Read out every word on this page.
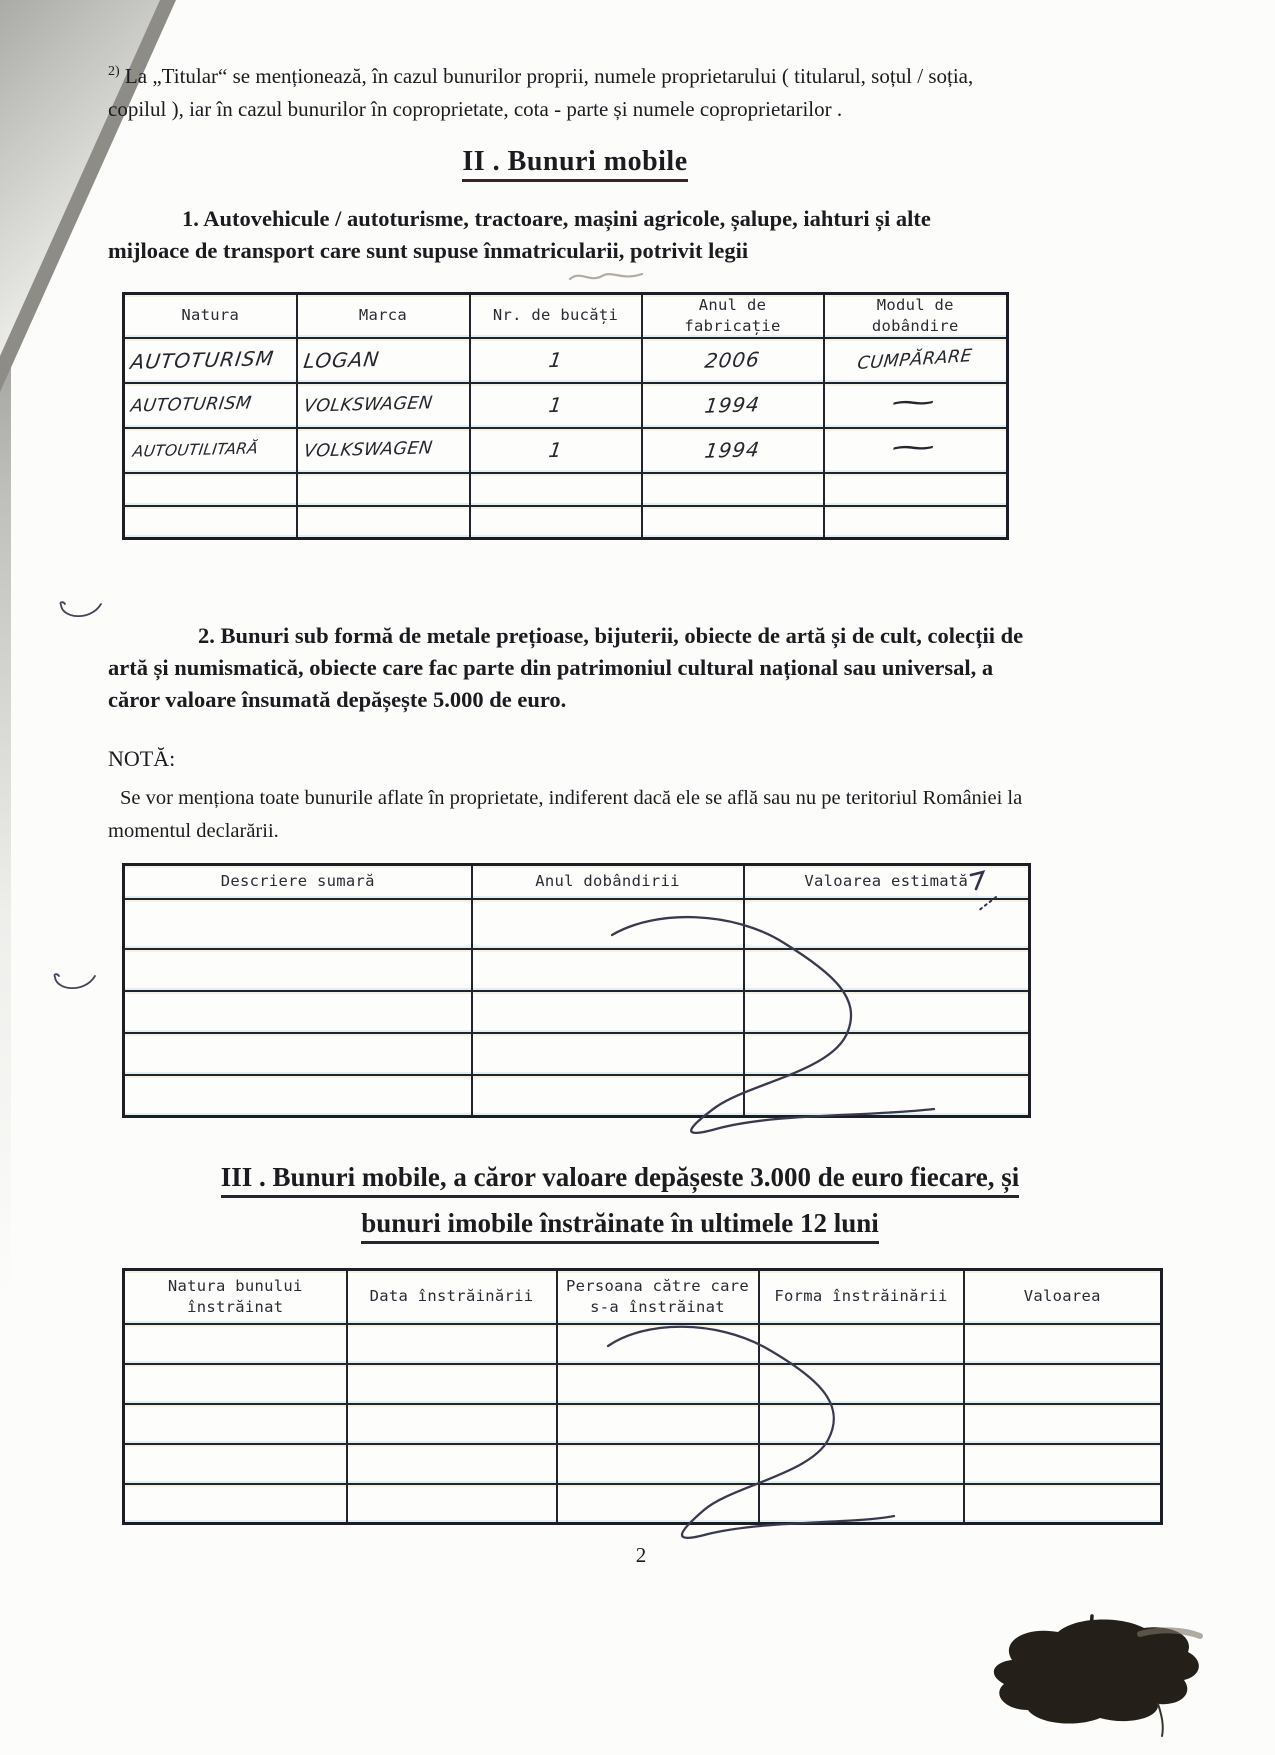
$^{2)}$ La „Titular“ se menționează, în cazul bunurilor proprii, numele proprietarului ( titularul, soțul / soția, copilul ), iar în cazul bunurilor în coproprietate, cota - parte și numele coproprietarilor .
II . Bunuri mobile
1. Autovehicule / autoturisme, tractoare, mașini agricole, șalupe, iahturi și alte mijloace de transport care sunt supuse înmatricularii, potrivit legii
Natura	Marca	Nr. de bucăți	Anul de fabricație	Modul de dobândire
AUTOTURISM	LOGAN	1	2006	CUMPĂRARE
AUTOTURISM	VOLKSWAGEN	1	1994	~
AUTOUTILITARĂ	VOLKSWAGEN	1	1994	~

2. Bunuri sub formă de metale prețioase, bijuterii, obiecte de artă și de cult, colecții de artă și numismatică, obiecte care fac parte din patrimoniul cultural național sau universal, a căror valoare însumată depășește 5.000 de euro.
NOTĂ:
Se vor menționa toate bunurile aflate în proprietate, indiferent dacă ele se află sau nu pe teritoriul României la momentul declarării.
Descriere sumară	Anul dobândirii	Valoarea estimată

III . Bunuri mobile, a căror valoare depășeste 3.000 de euro fiecare, și
bunuri imobile înstrăinate în ultimele 12 luni
Natura bunului înstrăinat	Data înstrăinării	Persoana către care s-a înstrăinat	Forma înstrăinării	Valoarea

2
